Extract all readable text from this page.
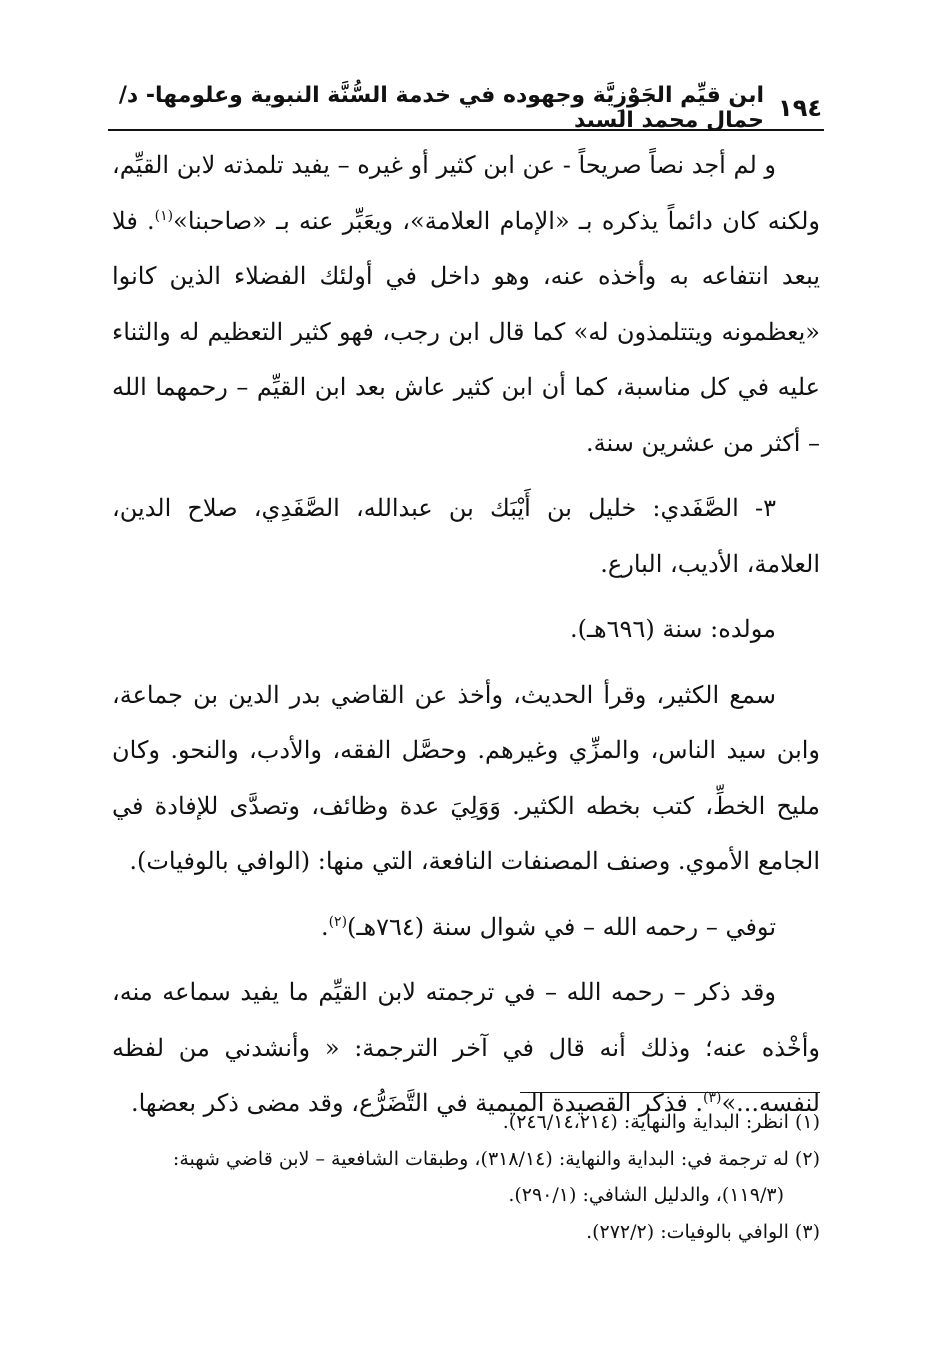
١٩٤
ابن قيِّم الجَوْزِيَّة وجهوده في خدمة السُّنَّة النبوية وعلومها- د/جمال محمد السيد

و لم أجد نصاً صريحاً - عن ابن كثير أو غيره – يفيد تلمذته لابن القيِّم، ولكنه كان دائماً يذكره بـ «الإمام العلامة»، ويعَبِّر عنه بـ «صاحبنا»$^{(١)}$. فلا يبعد انتفاعه به وأخذه عنه، وهو داخل في أولئك الفضلاء الذين كانوا «يعظمونه ويتتلمذون له» كما قال ابن رجب، فهو كثير التعظيم له والثناء عليه في كل مناسبة، كما أن ابن كثير عاش بعد ابن القيِّم – رحمهما الله – أكثر من عشرين سنة.

٣- الصَّفَدي: خليل بن أَيْبَك بن عبدالله، الصَّفَدِي، صلاح الدين، العلامة، الأديب، البارع.

مولده: سنة (٦٩٦هـ).

سمع الكثير، وقرأ الحديث، وأخذ عن القاضي بدر الدين بن جماعة، وابن سيد الناس، والمزِّي وغيرهم. وحصَّل الفقه، والأدب، والنحو. وكان مليح الخطِّ، كتب بخطه الكثير. وَوَلِيَ عدة وظائف، وتصدَّى للإفادة في الجامع الأموي. وصنف المصنفات النافعة، التي منها: (الوافي بالوفيات).

توفي – رحمه الله – في شوال سنة (٧٦٤هـ)$^{(٢)}$.

وقد ذكر – رحمه الله – في ترجمته لابن القيِّم ما يفيد سماعه منه، وأخْذه عنه؛ وذلك أنه قال في آخر الترجمة: « وأنشدني من لفظه لنفسه...»$^{(٣)}$. فذكر القصيدة الميمية في التَّضَرُّع، وقد مضى ذكر بعضها.

(١) انظر: البداية والنهاية: (٢٤٦/١٤،٢١٤).

(٢) له ترجمة في: البداية والنهاية: (٣١٨/١٤)، وطبقات الشافعية – لابن قاضي شهبة:

(١١٩/٣)، والدليل الشافي: (٢٩٠/١).

(٣) الوافي بالوفيات: (٢٧٢/٢).
